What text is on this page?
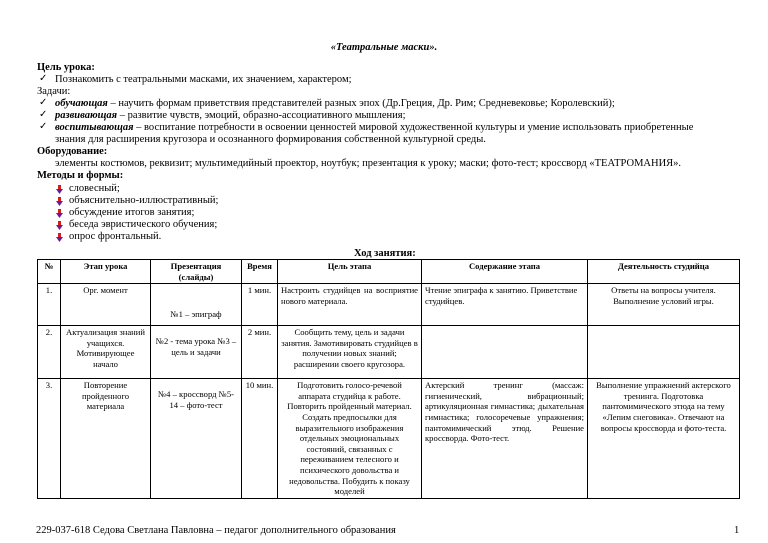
«Театральные маски».
Цель урока:
✓ Познакомить с театральными масками, их значением, характером;
Задачи:
✓ обучающая – научить формам приветствия представителей разных эпох (Др.Греция, Др. Рим; Средневековье; Королевский);
✓ развивающая – развитие чувств, эмоций, образно-ассоциативного мышления;
✓ воспитывающая – воспитание потребности в освоении ценностей мировой художественной культуры и умение использовать приобретенные
знания для расширения кругозора и осознанного формирования собственной культурной среды.
Оборудование:
элементы костюмов, реквизит; мультимедийный проектор, ноутбук; презентация к уроку; маски; фото-тест; кроссворд «ТЕАТРОМАНИЯ».
Методы и формы:
словесный;
объяснительно-иллюстративный;
обсуждение итогов занятия;
беседа эвристического обучения;
опрос фронтальный.
Ход занятия:
№	Этап урока	Презентация (слайды)	Время	Цель этапа	Содержание этапа	Деятельность студийца
1.	Орг. момент	№1 – эпиграф	1 мин.	Настроить студийцев на восприятие нового материала.	Чтение эпиграфа к занятию. Приветствие студийцев.	Ответы на вопросы учителя. Выполнение условий игры.
2.	Актуализация знаний учащихся. Мотивирующее начало	№2 - тема урока №3 – цель и задачи	2 мин.	Сообщить тему, цель и задачи занятия. Замотивировать студийцев в получении новых знаний; расширении своего кругозора.		
3.	Повторение пройденного материала	№4 – кроссворд №5-14 – фото-тест	10 мин.	Подготовить голосо-речевой аппарата студийца к работе. Повторить пройденный материал. Создать предпосылки для выразительного изображения отдельных эмоциональных состояний, связанных с переживанием телесного и психического довольства и недовольства. Побудить к показу моделей	Актерский тренинг (массаж: гигиенический, вибрационный; артикуляционная гимнастика; дыхательная гимнастика; голосоречевые упражнения; пантомимический этюд. Решение кроссворда. Фото-тест.	Выполнение упражнений актерского тренинга. Подготовка пантомимического этюда на тему «Лепим снеговика». Отвечают на вопросы кроссворда и фото-теста.
229-037-618 Седова Светлана Павловна – педагог дополнительного образования	1
